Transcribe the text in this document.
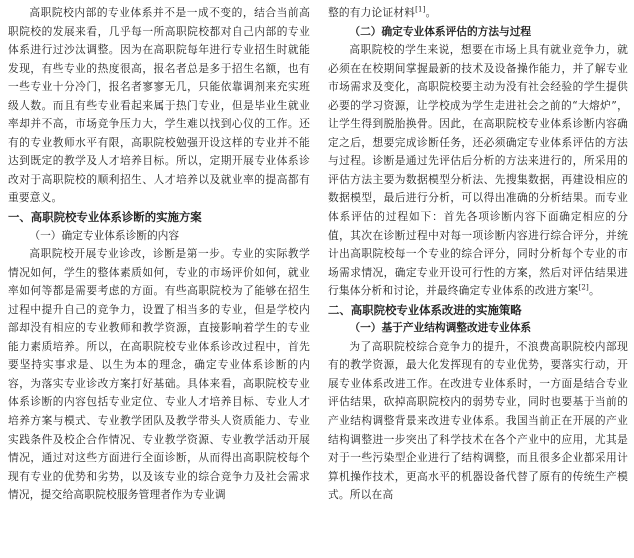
高职院校内部的专业体系并不是一成不变的，结合当前高职院校的发展来看，几乎每一所高职院校都对自己内部的专业体系进行过沙汰调整。因为在高职院每年进行专业招生时就能发现，有些专业的热度很高，报名者总是多于招生名额，也有一些专业十分冷门，报名者寥寥无几，只能依靠调剂来充实班级人数。而且有些专业看起来属于热门专业，但是毕业生就业率却并不高，市场竞争压力大，学生难以找到心仪的工作。还有的专业教师水平有限，高职院校勉强开设这样的专业并不能达到既定的教学及人才培养目标。所以，定期开展专业体系诊改对于高职院校的顺利招生、人才培养以及就业率的提高都有重要意义。

一、高职院校专业体系诊断的实施方案
（一）确定专业体系诊断的内容

高职院校开展专业诊改，诊断是第一步。专业的实际教学情况如何，学生的整体素质如何，专业的市场评价如何，就业率如何等都是需要考虑的方面。有些高职院校为了能够在招生过程中提升自己的竞争力，设置了相当多的专业，但是学校内部却没有相应的专业教师和教学资源，直接影响着学生的专业能力素质培养。所以，在高职院校专业体系诊改过程中，首先要坚持实事求是、以生为本的理念，确定专业体系诊断的内容，为落实专业诊改方案打好基础。具体来看，高职院校专业体系诊断的内容包括专业定位、专业人才培养目标、专业人才培养方案与模式、专业教学团队及教学带头人资质能力、专业实践条件及校企合作情况、专业教学资源、专业教学活动开展情况，通过对这些方面进行全面诊断，从而得出高职院校每个现有专业的优势和劣势，以及该专业的综合竞争力及社会需求情况，提交给高职院校服务管理者作为专业调

整的有力论证材料[1]。

（二）确定专业体系评估的方法与过程

高职院校的学生来说，想要在市场上具有就业竞争力，就必须在在校期间掌握最新的技术及设备操作能力，并了解专业市场需求及变化，高职院校要主动为没有社会经验的学生提供必要的学习资源，让学校成为学生走进社会之前的“大熔炉”，让学生得到脱胎换骨。因此，在高职院校专业体系诊断内容确定之后，想要完成诊断任务，还必须确定专业体系评估的方法与过程。诊断是通过先评估后分析的方法来进行的，所采用的评估方法主要为数据模型分析法、先搜集数据，再建设相应的数据模型，最后进行分析，可以得出准确的分析结果。而专业体系评估的过程如下：首先各项诊断内容下面确定相应的分值，其次在诊断过程中对每一项诊断内容进行综合评分，并统计出高职院校每一个专业的综合评分，同时分析每个专业的市场需求情况，确定专业开设可行性的方案，然后对评估结果进行集体分析和讨论，并最终确定专业体系的改进方案[2]。

二、高职院校专业体系改进的实施策略
（一）基于产业结构调整改进专业体系

为了高职院校综合竞争力的提升，不浪费高职院校内部现有的教学资源，最大化发挥现有的专业优势，要落实行动，开展专业体系改进工作。在改进专业体系时，一方面是结合专业评估结果，砍掉高职院校内的弱势专业，同时也要基于当前的产业结构调整背景来改进专业体系。我国当前正在开展的产业结构调整进一步突出了科学技术在各个产业中的应用，尤其是对于一些污染型企业进行了结构调整，而且很多企业都采用计算机操作技术，更高水平的机器设备代替了原有的传统生产模式。所以在高
